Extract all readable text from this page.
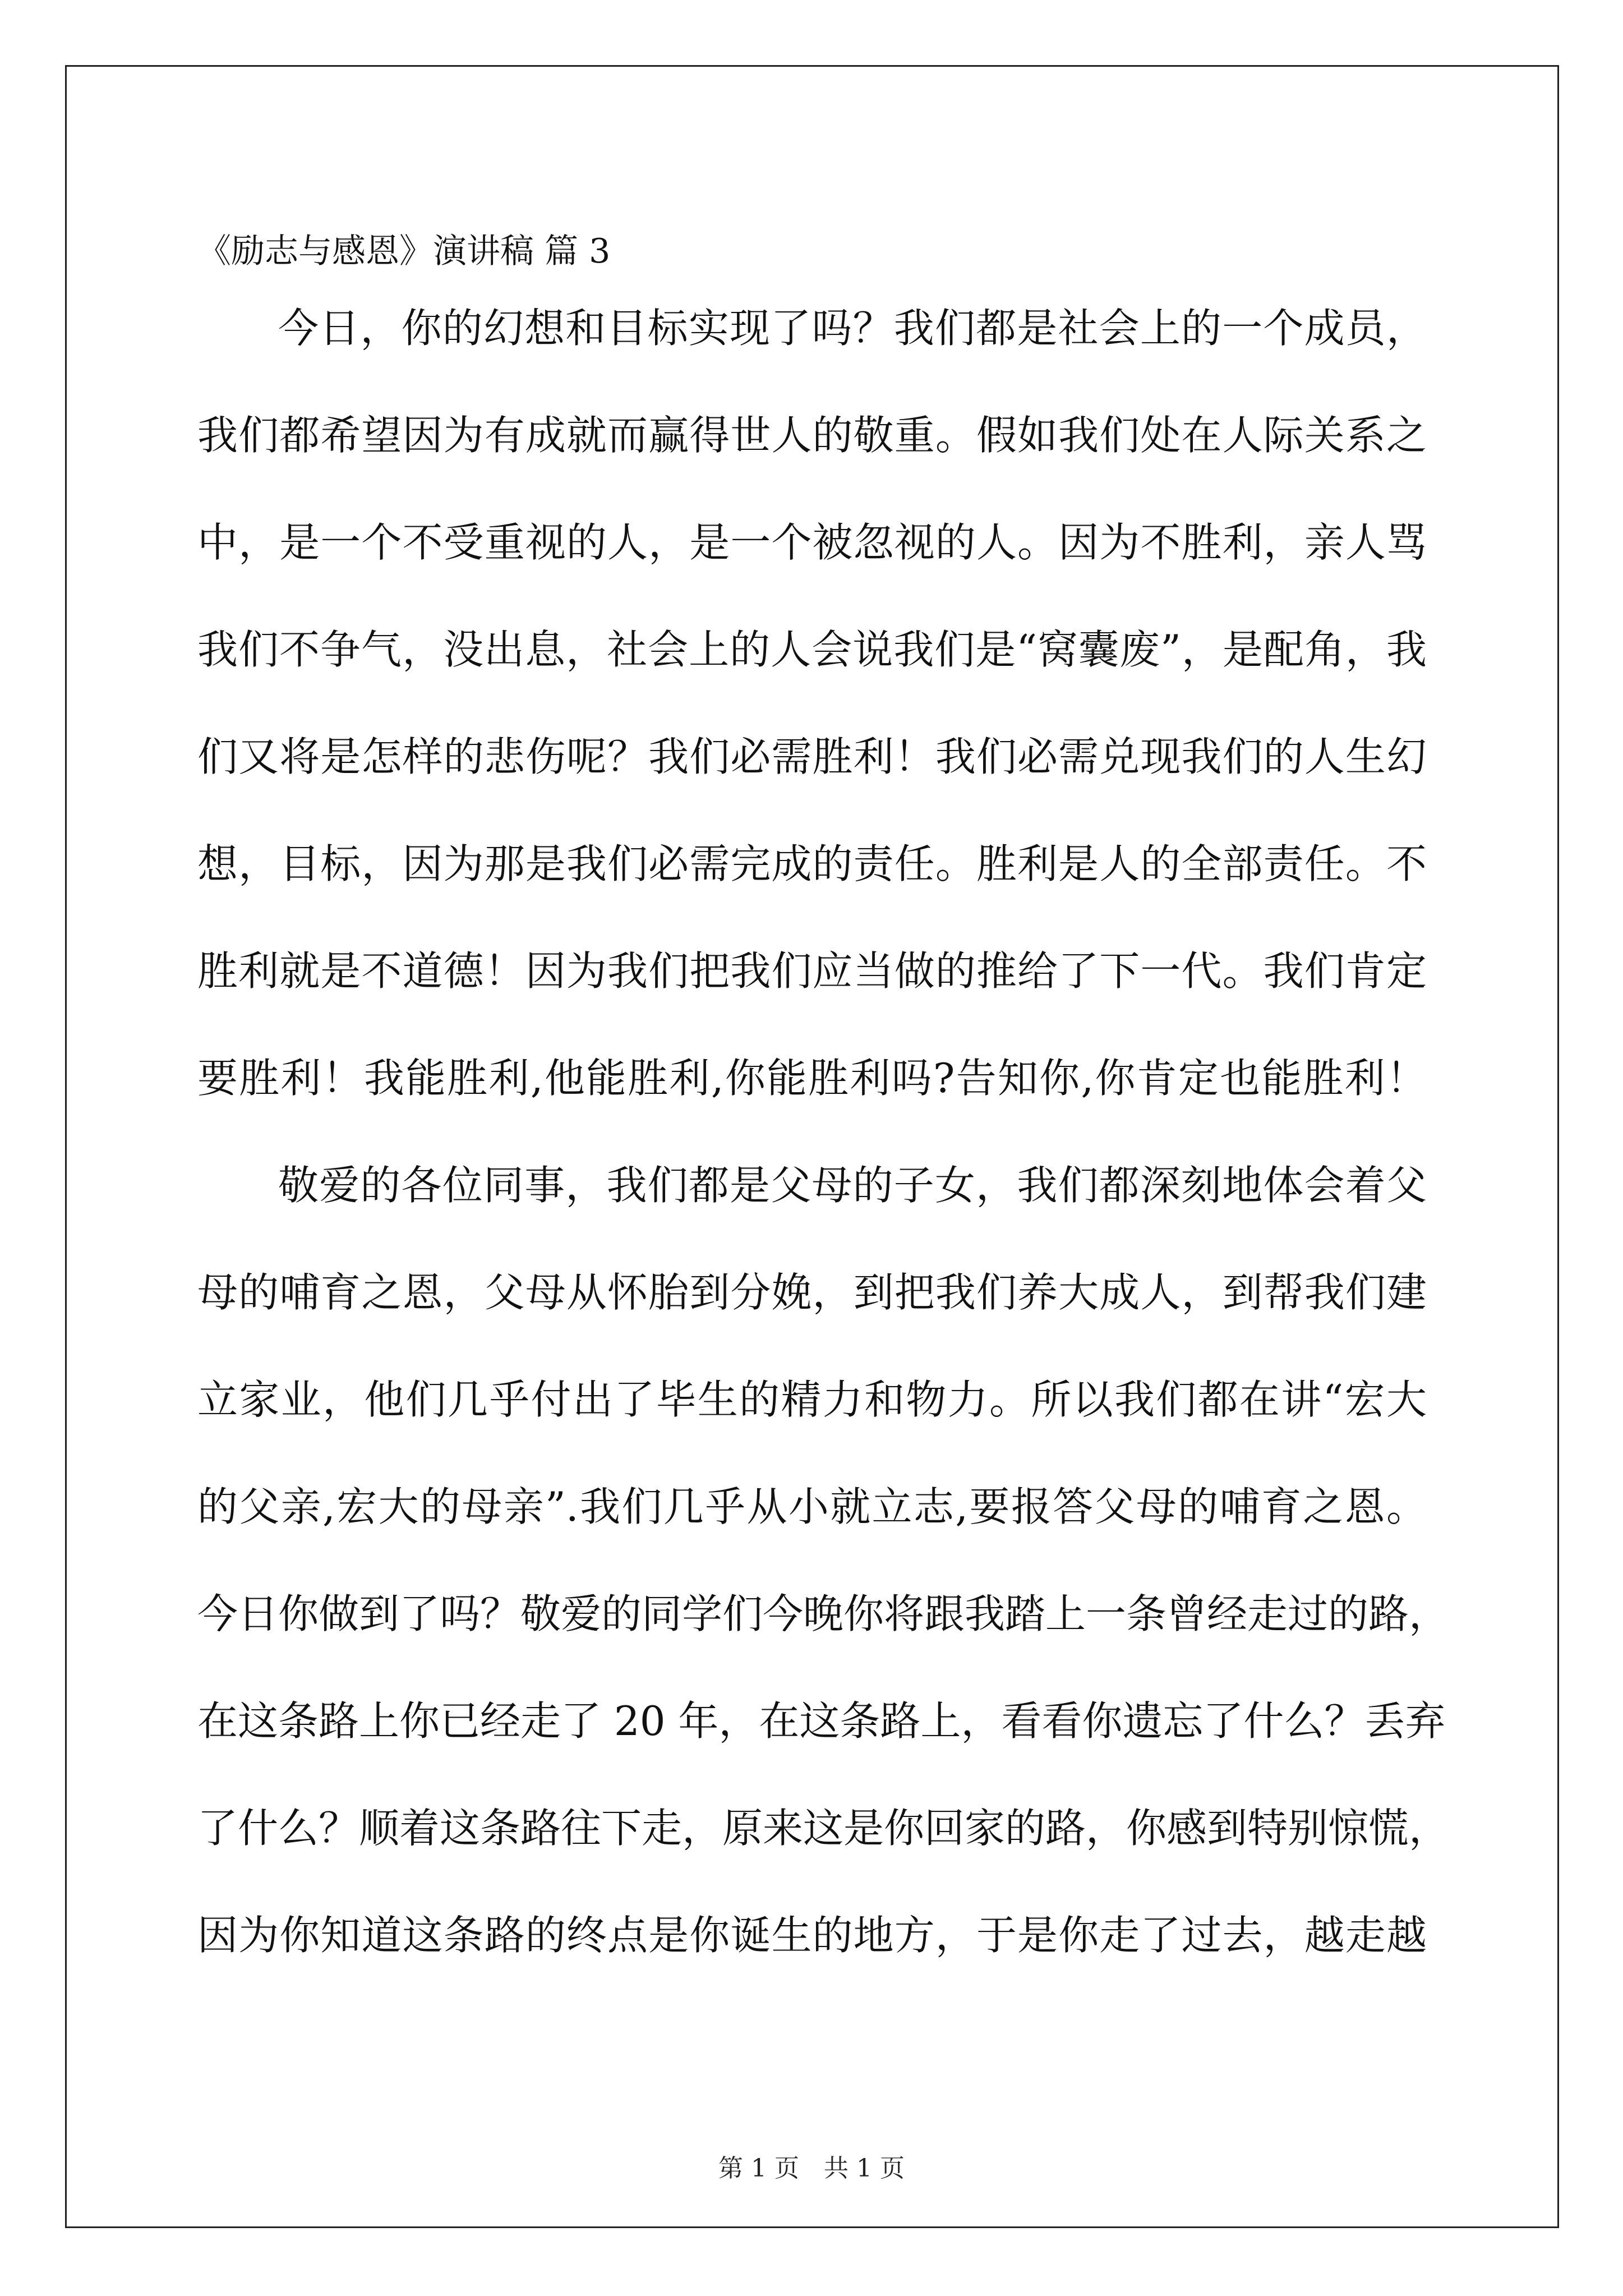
《励志与感恩》演讲稿 篇 3
今日，你的幻想和目标实现了吗？我们都是社会上的一个成员，
我们都希望因为有成就而赢得世人的敬重。假如我们处在人际关系之
中，是一个不受重视的人，是一个被忽视的人。因为不胜利，亲人骂
我们不争气，没出息，社会上的人会说我们是“窝囊废”，是配角，我
们又将是怎样的悲伤呢？我们必需胜利！我们必需兑现我们的人生幻
想，目标，因为那是我们必需完成的责任。胜利是人的全部责任。不
胜利就是不道德！因为我们把我们应当做的推给了下一代。我们肯定
要胜利！我能胜利,他能胜利,你能胜利吗?告知你,你肯定也能胜利！
敬爱的各位同事，我们都是父母的子女，我们都深刻地体会着父
母的哺育之恩，父母从怀胎到分娩，到把我们养大成人，到帮我们建
立家业，他们几乎付出了毕生的精力和物力。所以我们都在讲“宏大
的父亲,宏大的母亲”.我们几乎从小就立志,要报答父母的哺育之恩。
今日你做到了吗？敬爱的同学们今晚你将跟我踏上一条曾经走过的路，
在这条路上你已经走了 20 年，在这条路上，看看你遗忘了什么？丢弃
了什么？顺着这条路往下走，原来这是你回家的路，你感到特别惊慌，
因为你知道这条路的终点是你诞生的地方，于是你走了过去，越走越
第 1 页　共 1 页
